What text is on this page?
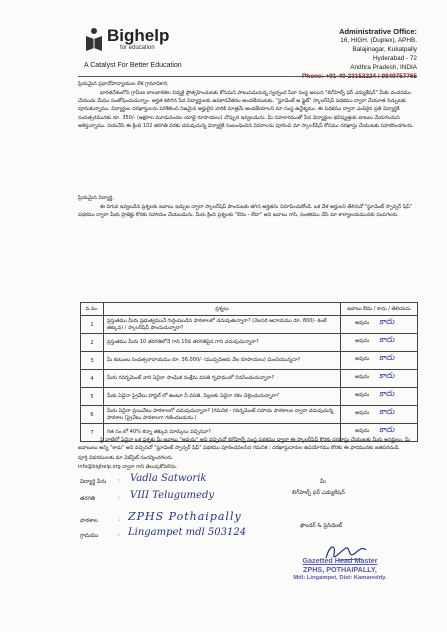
Bighelp
for education
A Catalyst For Better Education
Administrative Office:
16, HIGH. (Duplex), APHB.
Balajinagar, Kukatpally
Hyderabad - 72
Andhra Pradesh, INDIA
ప్రియమైన ప్రధానోపాధ్యాయుల లేక గ్రామాధికారి,
భారతదేశంలోని గ్రామీణ బాలబాలికల విద్యకై ప్రోత్సహించుటకు కోసమని పాటుపడుచున్న స్వచ్ఛంద సేవా సంస్థ అయిన "బిగ్‌హెల్ప్ ఫర్ ఎడ్యుకేషన్" మీకు వందనము చేయుచు మేము సంతోషించుచున్నాం. అర్హత కలిగిన పేద విద్యార్థులకు ఉపకారవేతనం అందజేయుటకు, "స్టూడెంట్ ఆ ఫ్లైట్" స్కాలర్‌షిప్ పథకము ద్వారా చేయూత నిచ్చుటకు పూనుకున్నాము. విద్యార్థుల దరఖాస్తులను పరిశీలించి నిజమైన అర్హులైన వారికి మాత్రమే అందజేయాలని మా సంస్థ ఉద్దేశ్యము. ఈ పథకము ద్వారా ఎంపికైన ప్రతి విద్యార్థికి సంవత్సరమునకు రూ. 350/- (అక్షరాల మూడువందల యాభై రూపాయలు) చొప్పున ఇవ్వబడును. మీ సహకారముతో పేద విద్యార్థుల భవిష్యత్తుకు బాటలు వేయగలమని ఆశిస్తున్నాము. దయచేసి ఈ క్రింది 102 తరగతి వరకు చదువుచున్న విద్యార్థికి సంబంధించిన వివరాలను పూరించి మా స్కాలర్‌షిప్ కోసము దరఖాస్తు చేయుటకు సహకరించగలరు.
ప్రియమైన విద్యార్థి,
ఈ దిగువ ఇవ్వబడిన ప్రశ్నలకు జవాబు ఇచ్చుట ద్వారా స్కాలర్‌షిప్ పొందుటకు తగిన అర్హతను నిరూపించుకోండి. ఒక వేళ అర్హులని తేలినచో "స్టూడెంట్ స్పాన్సర్ షిప్" పథకము ద్వారా మీకు ప్రాజెక్టు కొరకు సహాయం చేయబడును. మీరు క్రింది ప్రశ్నలకు "ఔను - లేదా" అని జవాబు రాసి, సంతకము చేసి మా కార్యాలయమునకు పంపగలరు.
వ.సం.	ప్రశ్నలు	జవాబు ఔను / కాదు / తెలియదు
1	ప్రస్తుతము మీరు ప్రభుత్వముచే గుర్తింపబడిన పాఠశాలలో చదువుతున్నారా? (నెలసరి ఆదాయము రూ. 800/- కంటే తక్కువ) / స్కాలర్‌షిప్ పొందుచున్నారా?	అవును కాదు

2	ప్రస్తుతము మీరు 10 తరగతిలోనే గాని 10వ తరగతిపైన గాని చదువుచున్నారా?	అవును కాదు

3	మీ కుటుంబ సంవత్సరాదాయము రూ. 36,000/- (ముప్పదిఆరు వేల రూపాయలు) మించియున్నదా?	అవును కాదు

4	మీరు గవర్నమెంట్ వారి ఏదైనా సాంఘిక సంక్షేమ వసతి గృహములో నివసించుచున్నారా?	అవును కాదు

5	మీకు ఏదైనా ప్రైవేటు హాస్టల్ లో ఉంటూ నీ వసతి, పిల్లలకు ఏదైనా రకం చెల్లించుచున్నారా?	అవును కాదు

6	మీరు ఏదైనా ప్రయివేటు పాఠశాలలో చదువుచున్నారా? (గమనిక - గవర్నమెంట్ సహాయ పాఠశాలల ద్వారా చదువుచున్న పాఠశాల (ప్రైవేటు పాఠశాలగా గణించబడును.)	అవును కాదు

7	గత సం.లో 40% కన్నా తక్కువ మార్కులు వచ్చినవా?	అవును కాదు
పై వాటిలో ఏదైనా ఒక ప్రశ్నకు మీ జవాబు "అవును" అని వచ్చినచో బిగ్‌హెల్ప్ సంస్థ పథకము ద్వారా ఈ స్కాలర్‌షిప్ కొరకు దరఖాస్తు చేయుటకు మీరు అనర్హులు. మీ జవాబులు అన్ని "కాదు" అని వచ్చినచో "స్టూడెంట్ స్పాన్సర్ షిప్" పథకము పూరించవలసిన గమనిక : దరఖాస్తుదారుల ఉపయోగము కొరకు ఈ ఫారమునకు జతపరచుడి.
పూర్తి వివరములకు మా వెబ్‌సైట్ సందర్శించగలరు.
info@bighelp.org ద్వారా గాని తెలుపుకోవలెను.
విద్యార్థి పేరు : Vadla Satworik
తరగతి	: VIII Telugumedy
పాఠశాల	: ZPHS Pothaipally
గ్రామము	: Lingampet mdl 503124
మీ
బిగ్‌హెల్ప్ ఫర్ ఎడ్యుకేషన్
ఫౌండర్ & ప్రెసిడెంట్
Gazetted Head Master
ZPHS, POTHAIPALLY,
Mdl: Lingampet, Dist: Kamareddy.
